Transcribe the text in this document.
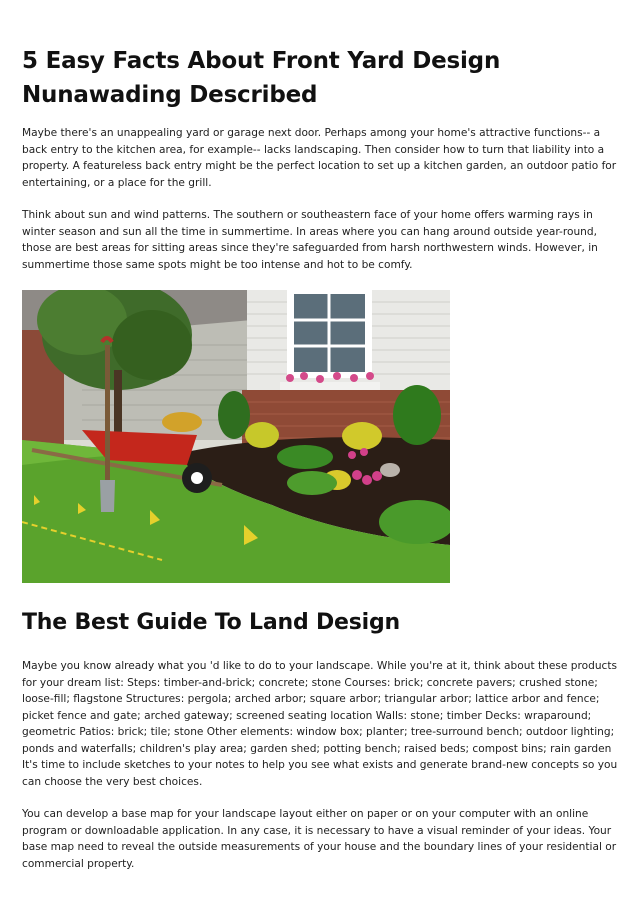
5 Easy Facts About Front Yard Design Nunawading Described

Maybe there's an unappealing yard or garage next door. Perhaps among your home's attractive functions-- a back entry to the kitchen area, for example-- lacks landscaping. Then consider how to turn that liability into a property. A featureless back entry might be the perfect location to set up a kitchen garden, an outdoor patio for entertaining, or a place for the grill.

Think about sun and wind patterns. The southern or southeastern face of your home offers warming rays in winter season and sun all the time in summertime. In areas where you can hang around outside year-round, those are best areas for sitting areas since they're safeguarded from harsh northwestern winds. However, in summertime those same spots might be too intense and hot to be comfy.

The Best Guide To Land Design

Maybe you know already what you 'd like to do to your landscape. While you're at it, think about these products for your dream list: Steps: timber-and-brick; concrete; stone Courses: brick; concrete pavers; crushed stone; loose-fill; flagstone Structures: pergola; arched arbor; square arbor; triangular arbor; lattice arbor and fence; picket fence and gate; arched gateway; screened seating location Walls: stone; timber Decks: wraparound; geometric Patios: brick; tile; stone Other elements: window box; planter; tree-surround bench; outdoor lighting; ponds and waterfalls; children's play area; garden shed; potting bench; raised beds; compost bins; rain garden It's time to include sketches to your notes to help you see what exists and generate brand-new concepts so you can choose the very best choices.

You can develop a base map for your landscape layout either on paper or on your computer with an online program or downloadable application. In any case, it is necessary to have a visual reminder of your ideas. Your base map need to reveal the outside measurements of your house and the boundary lines of your residential or commercial property.
